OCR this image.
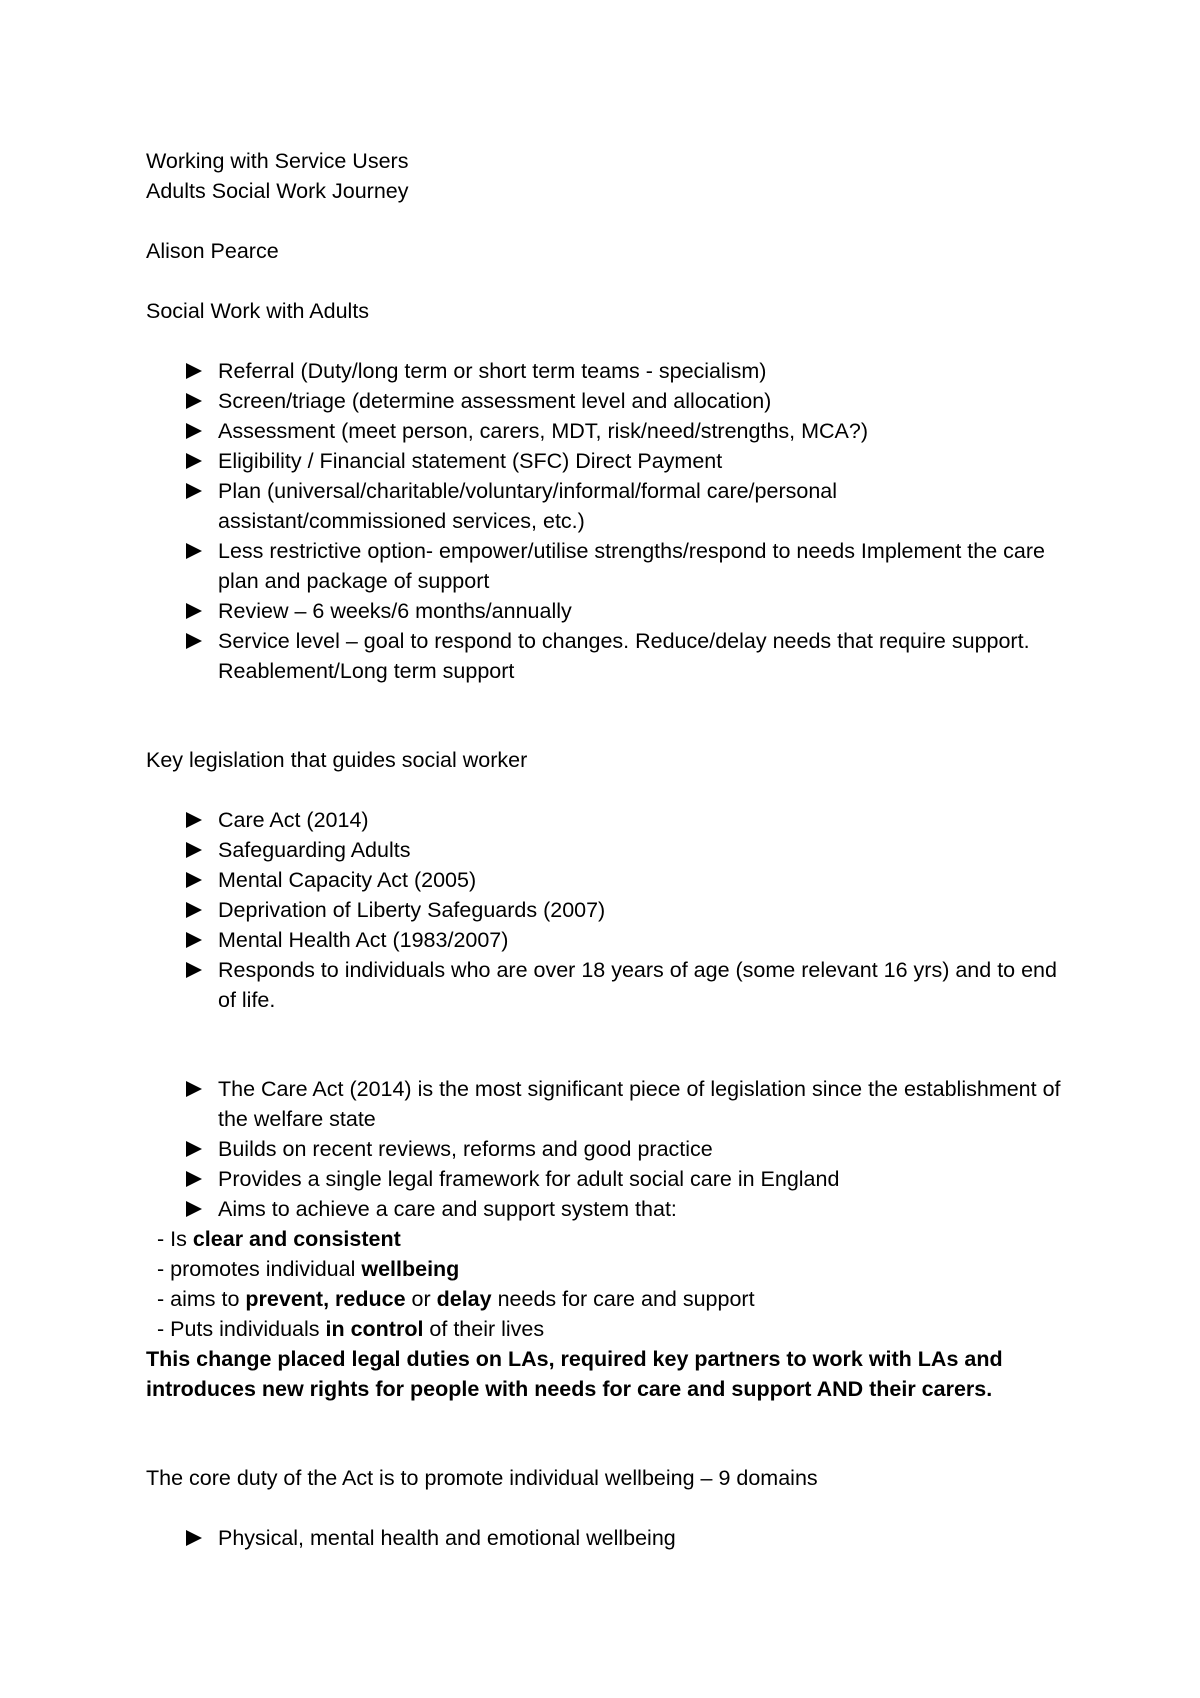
Working with Service Users

Adults Social Work Journey

Alison Pearce

Social Work with Adults

Referral (Duty/long term or short term teams - specialism)
Screen/triage (determine assessment level and allocation)
Assessment (meet person, carers, MDT, risk/need/strengths, MCA?)
Eligibility / Financial statement (SFC) Direct Payment
Plan (universal/charitable/voluntary/informal/formal care/personal assistant/commissioned services, etc.)
Less restrictive option- empower/utilise strengths/respond to needs Implement the care plan and package of support
Review – 6 weeks/6 months/annually
Service level – goal to respond to changes. Reduce/delay needs that require support. Reablement/Long term support

Key legislation that guides social worker

Care Act (2014)
Safeguarding Adults
Mental Capacity Act (2005)
Deprivation of Liberty Safeguards (2007)
Mental Health Act (1983/2007)
Responds to individuals who are over 18 years of age (some relevant 16 yrs) and to end of life.
The Care Act (2014) is the most significant piece of legislation since the establishment of the welfare state
Builds on recent reviews, reforms and good practice
Provides a single legal framework for adult social care in England
Aims to achieve a care and support system that:

- Is clear and consistent

- promotes individual wellbeing

- aims to prevent, reduce or delay needs for care and support

- Puts individuals in control of their lives

This change placed legal duties on LAs, required key partners to work with LAs and introduces new rights for people with needs for care and support AND their carers.

The core duty of the Act is to promote individual wellbeing – 9 domains

Physical, mental health and emotional wellbeing
